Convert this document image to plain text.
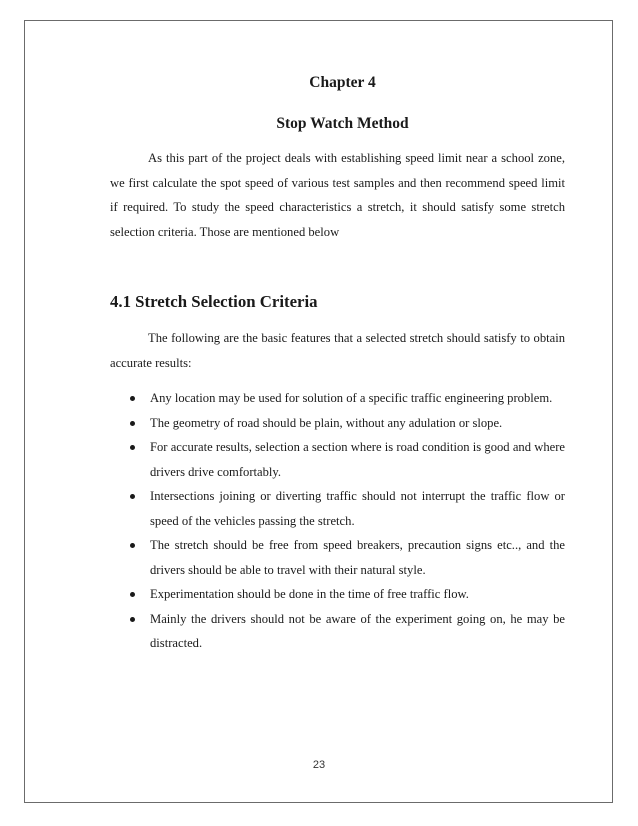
Chapter 4
Stop Watch Method

As this part of the project deals with establishing speed limit near a school zone, we first calculate the spot speed of various test samples and then recommend speed limit if required. To study the speed characteristics a stretch, it should satisfy some stretch selection criteria. Those are mentioned below

4.1 Stretch Selection Criteria

The following are the basic features that a selected stretch should satisfy to obtain accurate results:

Any location may be used for solution of a specific traffic engineering problem.
The geometry of road should be plain, without any adulation or slope.
For accurate results, selection a section where is road condition is good and where drivers drive comfortably.
Intersections joining or diverting traffic should not interrupt the traffic flow or speed of the vehicles passing the stretch.
The stretch should be free from speed breakers, precaution signs etc.., and the drivers should be able to travel with their natural style.
Experimentation should be done in the time of free traffic flow.
Mainly the drivers should not be aware of the experiment going on, he may be distracted.
23
